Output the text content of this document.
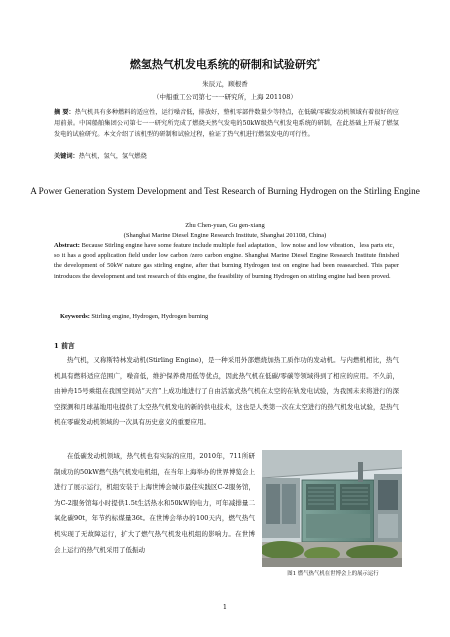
燃氢热气机发电系统的研制和试验研究*
朱辰元，顾根香
（中船重工公司第七一一研究所，上海 201108）
摘 要：热气机具有多种燃料的适应性，运行噪音低，排放好，整机零部件数量少等特点，在低碳/零碳发动机领域有着很好的应用前景。中国船舶集团公司第七一一研究所完成了燃烧天然气发电的50kW级热气机发电系统的研制，在此基础上开展了燃氢发电的试验研究。本文介绍了该机型的研制和试验过程，验证了热气机进行燃氢发电的可行性。
关键词：热气机，氢气，氢气燃烧
A Power Generation System Development and Test Research of Burning Hydrogen on the Stirling Engine
Zhu Chen-yuan, Gu gen-xiang
(Shanghai Marine Diesel Engine Research Institute, Shanghai 201108, China)
Abstract: Because Stirling engine have some feature include multiple fuel adaptation、low noise and low vibration、less parts etc，so it has a good application field under low carbon /zero carbon engine. Shanghai Marine Diesel Engine Research Institute finished the development of 50kW nature gas stirling engine, after that burning Hydrogen test on engine had been reasearched. This paper introduces the development and test research of this engine, the feasibility of burning Hydrogen on stirling engine had been proved.
Keywords: Stirling engine, Hydrogen, Hydrogen burning
1 前言
热气机，又称斯特林发动机(Stirling Engine)，是一种采用外部燃烧加热工质作功的发动机。与内燃机相比，热气机具有燃料适应范围广，噪音低，维护保养费用低等优点，因此热气机在低碳/零碳等领域得到了相应的应用。不久前，由神舟15号乘组在我国空间站“天宫”上成功地进行了自由活塞式热气机在太空的在轨发电试验，为我国未来将进行的深空探测和月球基地用电提供了太空热气机发电的新的供电技术，这也是人类第一次在太空进行的热气机发电试验，是热气机在零碳发动机领域的一次具有历史意义的重要应用。
在低碳发动机领域，热气机也有实际的应用，2010年，711所研制成功的50kW燃气热气机发电机组，在当年上海举办的世界博览会上进行了展示运行，机组安装于上海世博会城市最佳实践区C-2服务馆，为C-2服务馆每小时提供1.5t生活热水和50kW的电力，可年减排量二氧化碳90t，年节约标煤量36t。在世博会举办的100天内，燃气热气机实现了无故障运行，扩大了燃气热气机发电机组的影响力。在世博会上运行的热气机采用了低振动
图1 燃气热气机在世博会上的展示运行
1
